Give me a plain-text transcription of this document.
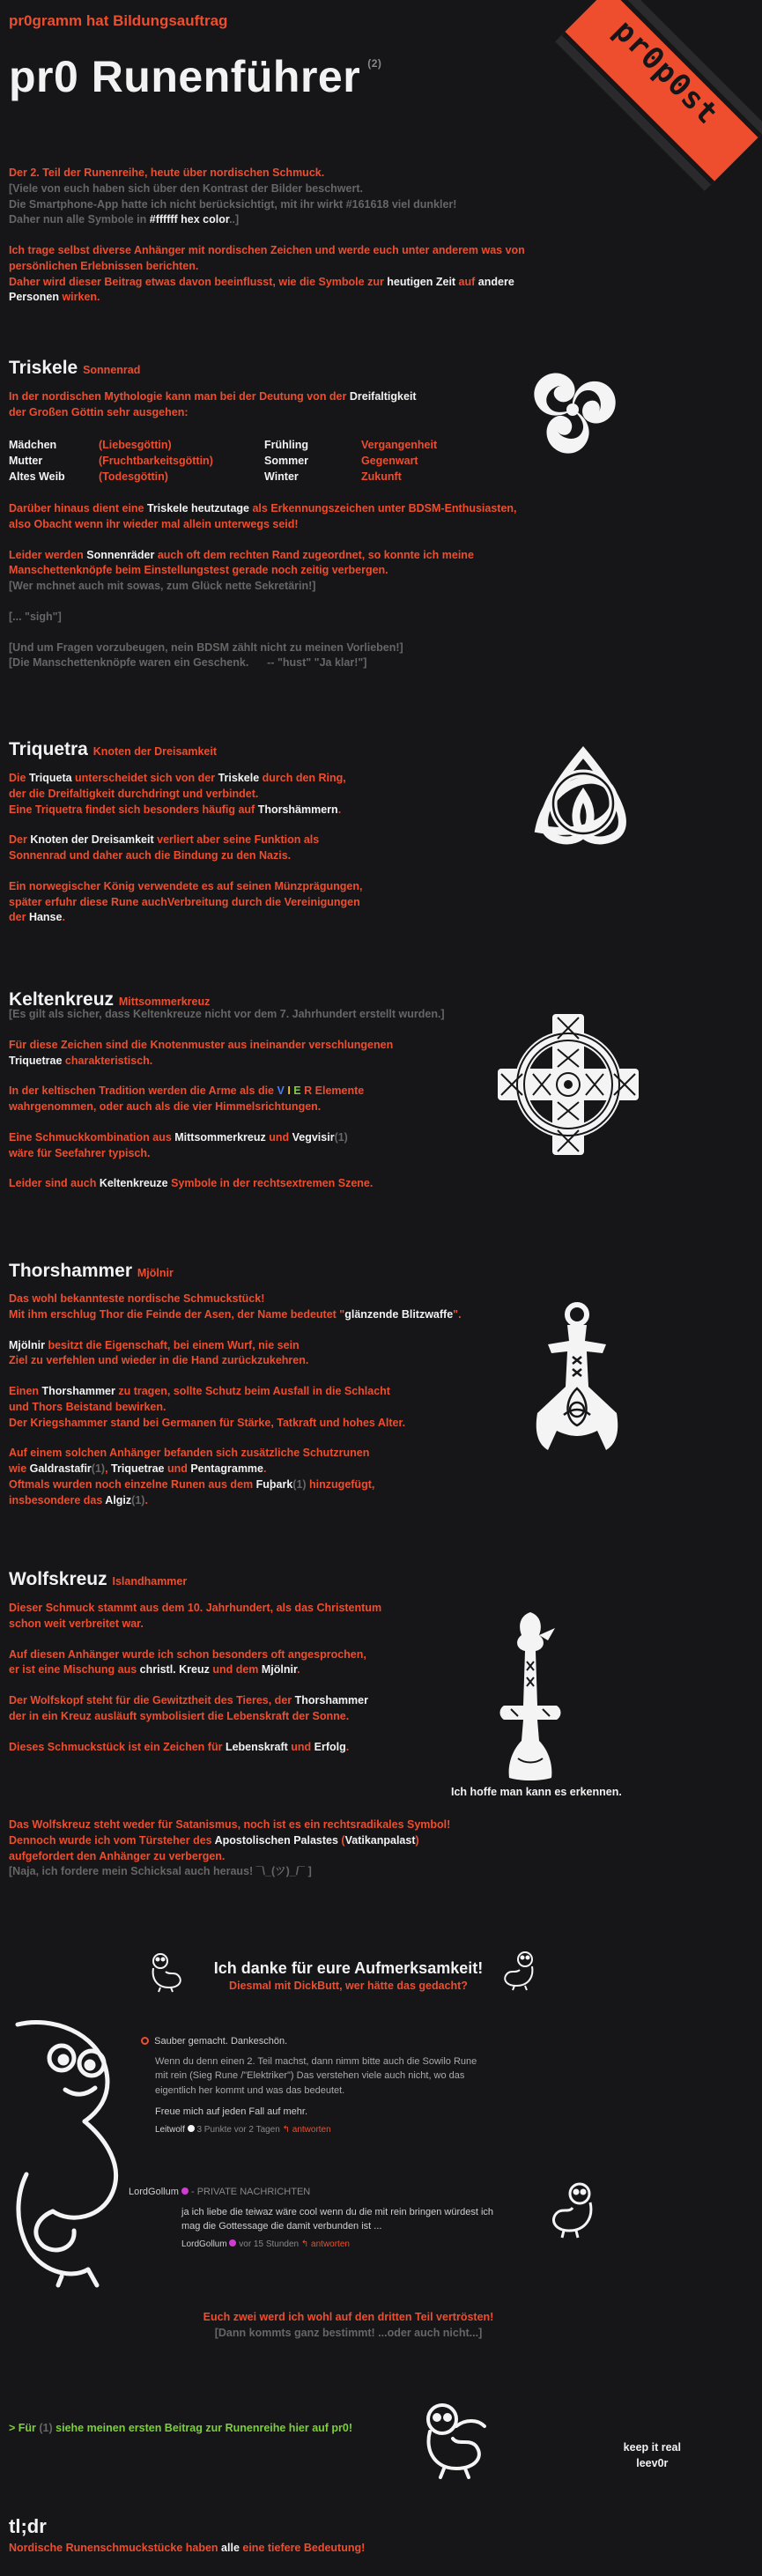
pr0gramm hat Bildungsauftrag
pr0 Runenführer $^{(2)}$	pr0p0st

Der 2. Teil der Runenreihe, heute über nordischen Schmuck.

[Viele von euch haben sich über den Kontrast der Bilder beschwert.

Die Smartphone-App hatte ich nicht berücksichtigt, mit ihr wirkt #161618 viel dunkler!

Daher nun alle Symbole in #ffffff hex color..]

Ich trage selbst diverse Anhänger mit nordischen Zeichen und werde euch unter anderem was von

persönlichen Erlebnissen berichten.

Daher wird dieser Beitrag etwas davon beeinflusst, wie die Symbole zur heutigen Zeit auf andere

Personen wirken.

Triskele Sonnenrad

In der nordischen Mythologie kann man bei der Deutung von der Dreifaltigkeit

der Großen Göttin sehr ausgehen:

Mädchen	(Liebesgöttin)	Frühling	Vergangenheit
Mutter	(Fruchtbarkeitsgöttin)	Sommer	Gegenwart
Altes Weib	(Todesgöttin)	Winter	Zukunft

Darüber hinaus dient eine Triskele heutzutage als Erkennungszeichen unter BDSM-Enthusiasten,

also Obacht wenn ihr wieder mal allein unterwegs seid!

Leider werden Sonnenräder auch oft dem rechten Rand zugeordnet, so konnte ich meine

Manschettenknöpfe beim Einstellungstest gerade noch zeitig verbergen.

[Wer mchnet auch mit sowas, zum Glück nette Sekretärin!]

[... "sigh"]

[Und um Fragen vorzubeugen, nein BDSM zählt nicht zu meinen Vorlieben!]

[Die Manschettenknöpfe waren ein Geschenk. -- "hust" "Ja klar!"]

Triquetra Knoten der Dreisamkeit

Die Triqueta unterscheidet sich von der Triskele durch den Ring,

der die Dreifaltigkeit durchdringt und verbindet.

Eine Triquetra findet sich besonders häufig auf Thorshämmern.

Der Knoten der Dreisamkeit verliert aber seine Funktion als

Sonnenrad und daher auch die Bindung zu den Nazis.

Ein norwegischer König verwendete es auf seinen Münzprägungen,

später erfuhr diese Rune auchVerbreitung durch die Vereinigungen

der Hanse.

Keltenkreuz Mittsommerkreuz

[Es gilt als sicher, dass Keltenkreuze nicht vor dem 7. Jahrhundert erstellt wurden.]

Für diese Zeichen sind die Knotenmuster aus ineinander verschlungenen

Triquetrae charakteristisch.

In der keltischen Tradition werden die Arme als die V I E R Elemente

wahrgenommen, oder auch als die vier Himmelsrichtungen.

Eine Schmuckkombination aus Mittsommerkreuz und Vegvisir(1)

wäre für Seefahrer typisch.

Leider sind auch Keltenkreuze Symbole in der rechtsextremen Szene.

Thorshammer Mjölnir

Das wohl bekannteste nordische Schmuckstück!

Mit ihm erschlug Thor die Feinde der Asen, der Name bedeutet "glänzende Blitzwaffe".

Mjölnir besitzt die Eigenschaft, bei einem Wurf, nie sein

Ziel zu verfehlen und wieder in die Hand zurückzukehren.

Einen Thorshammer zu tragen, sollte Schutz beim Ausfall in die Schlacht

und Thors Beistand bewirken.

Der Kriegshammer stand bei Germanen für Stärke, Tatkraft und hohes Alter.

Auf einem solchen Anhänger befanden sich zusätzliche Schutzrunen

wie Galdrastafir(1), Triquetrae und Pentagramme.

Oftmals wurden noch einzelne Runen aus dem Fuþark(1) hinzugefügt,

insbesondere das Algiz(1).

Wolfskreuz Islandhammer

Dieser Schmuck stammt aus dem 10. Jahrhundert, als das Christentum

schon weit verbreitet war.

Auf diesen Anhänger wurde ich schon besonders oft angesprochen,

er ist eine Mischung aus christl. Kreuz und dem Mjölnir.

Der Wolfskopf steht für die Gewitztheit des Tieres, der Thorshammer

der in ein Kreuz ausläuft symbolisiert die Lebenskraft der Sonne.

Dieses Schmuckstück ist ein Zeichen für Lebenskraft und Erfolg.

Ich hoffe man kann es erkennen.

Das Wolfskreuz steht weder für Satanismus, noch ist es ein rechtsradikales Symbol!

Dennoch wurde ich vom Türsteher des Apostolischen Palastes (Vatikanpalast)

aufgefordert den Anhänger zu verbergen.

[Naja, ich fordere mein Schicksal auch heraus! ¯\_(ツ)_/¯ ]

Ich danke für eure Aufmerksamkeit!
Diesmal mit DickButt, wer hätte das gedacht?

Sauber gemacht. Dankeschön.

Wenn du denn einen 2. Teil machst, dann nimm bitte auch die Sowilo Rune

mit rein (Sieg Rune /"Elektriker") Das verstehen viele auch nicht, wo das

eigentlich her kommt und was das bedeutet.

Freue mich auf jeden Fall auf mehr.

Leitwolf 3 Punkte vor 2 Tagen ↰ antworten

LordGollum - PRIVATE NACHRICHTEN

ja ich liebe die teiwaz wäre cool wenn du die mit rein bringen würdest ich

mag die Gottessage die damit verbunden ist ...

LordGollum vor 15 Stunden ↰ antworten

Euch zwei werd ich wohl auf den dritten Teil vertrösten!
[Dann kommts ganz bestimmt! ...oder auch nicht...]
> Für (1) siehe meinen ersten Beitrag zur Runenreihe hier auf pr0!

keep it real

leev0r

tl;dr
Nordische Runenschmuckstücke haben alle eine tiefere Bedeutung!
